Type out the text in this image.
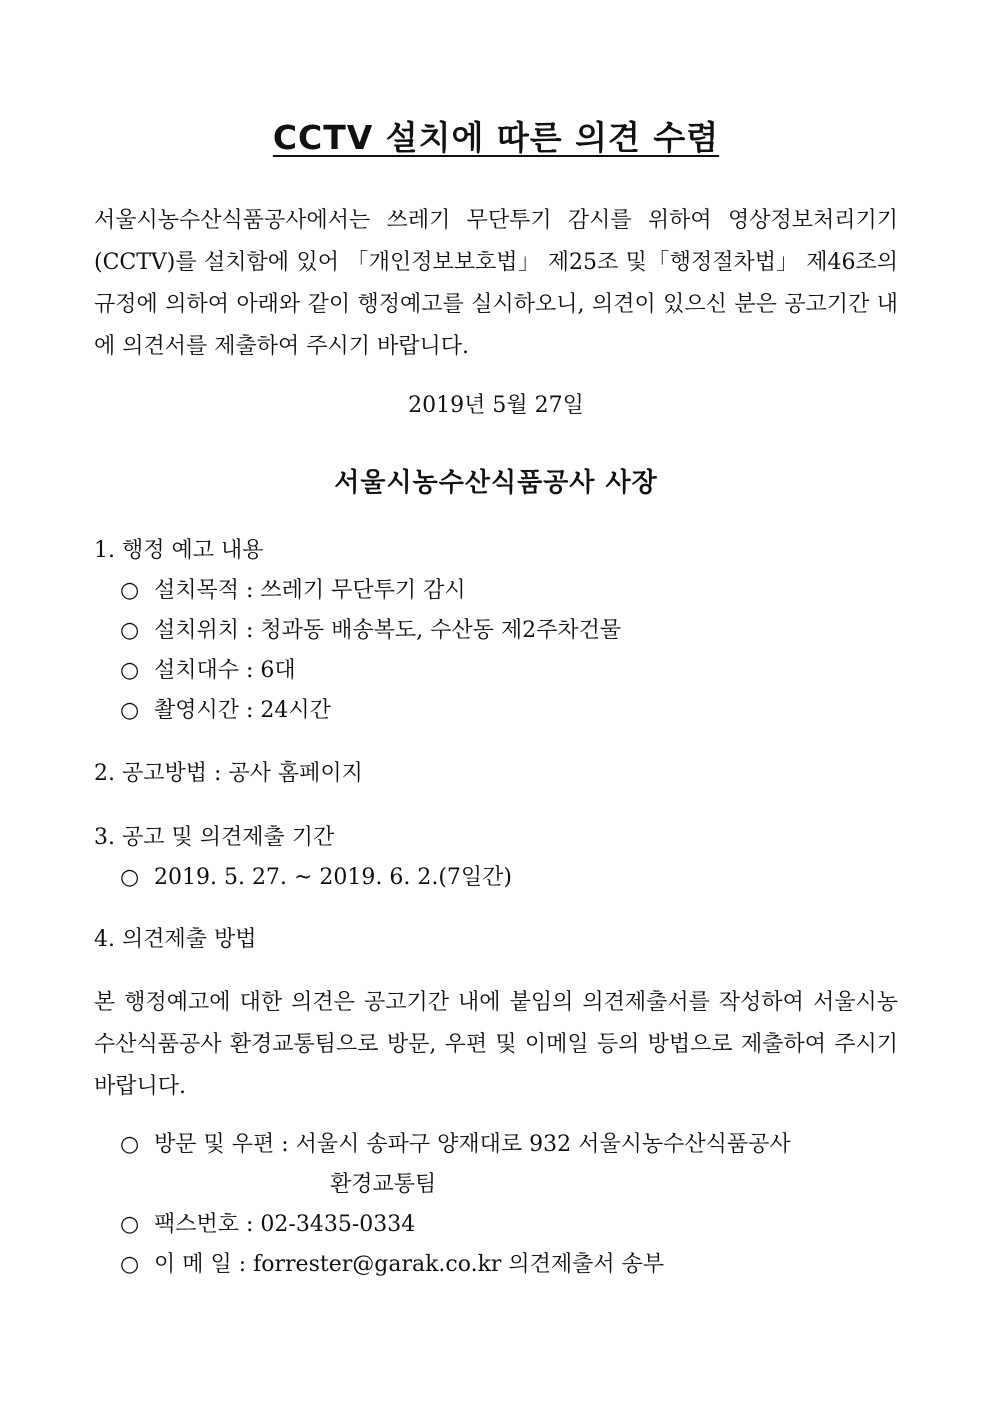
CCTV 설치에 따른 의견 수렴
서울시농수산식품공사에서는 쓰레기 무단투기 감시를 위하여 영상정보처리기기(CCTV)를 설치함에 있어 「개인정보보호법」 제25조 및「행정절차법」 제46조의 규정에 의하여 아래와 같이 행정예고를 실시하오니, 의견이 있으신 분은 공고기간 내에 의견서를 제출하여 주시기 바랍니다.
2019년 5월 27일
서울시농수산식품공사 사장
1. 행정 예고 내용
○ 설치목적 : 쓰레기 무단투기 감시
○ 설치위치 : 청과동 배송복도, 수산동 제2주차건물
○ 설치대수 : 6대
○ 촬영시간 : 24시간
2. 공고방법 : 공사 홈페이지
3. 공고 및 의견제출 기간
○ 2019. 5. 27. ~ 2019. 6. 2.(7일간)
4. 의견제출 방법
본 행정예고에 대한 의견은 공고기간 내에 붙임의 의견제출서를 작성하여 서울시농수산식품공사 환경교통팀으로 방문, 우편 및 이메일 등의 방법으로 제출하여 주시기 바랍니다.
○ 방문 및 우편 : 서울시 송파구 양재대로 932 서울시농수산식품공사
환경교통팀
○ 팩스번호 : 02-3435-0334
○ 이 메 일 : forrester@garak.co.kr 의견제출서 송부
